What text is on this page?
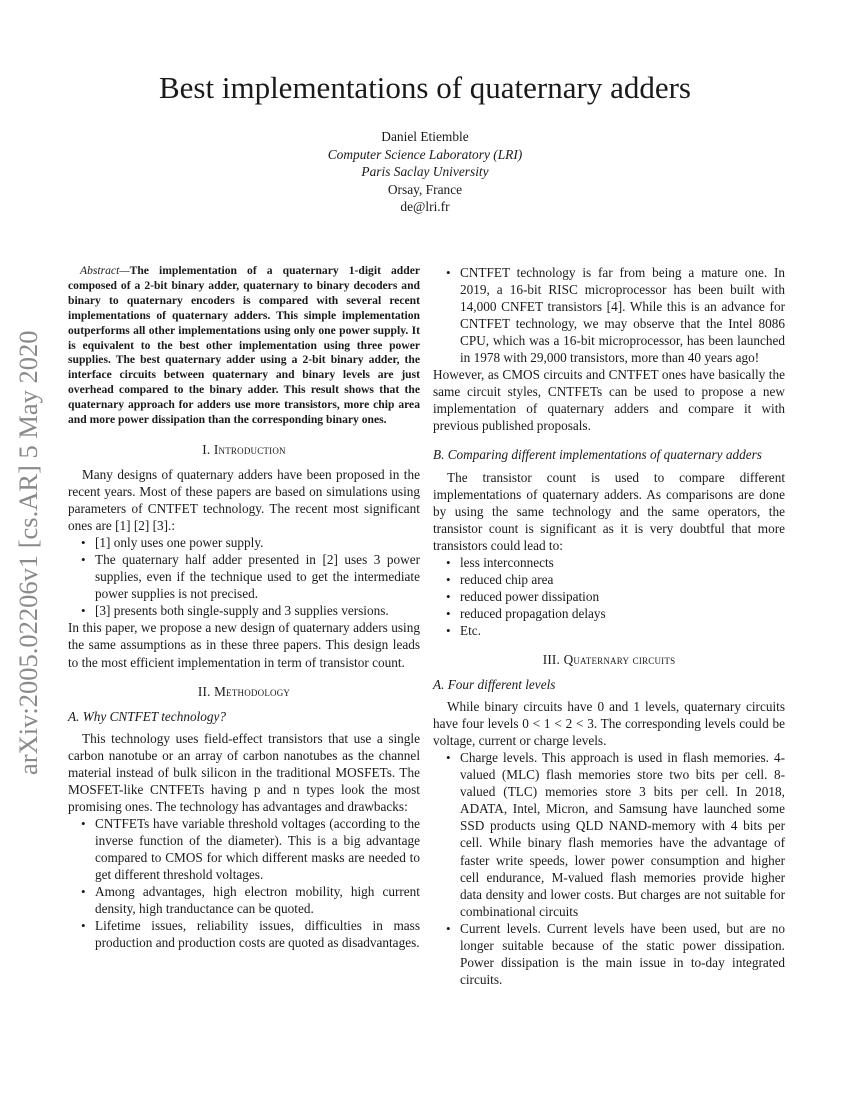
arXiv:2005.02206v1 [cs.AR] 5 May 2020
Best implementations of quaternary adders
Daniel Etiemble
Computer Science Laboratory (LRI)
Paris Saclay University
Orsay, France
de@lri.fr

Abstract—The implementation of a quaternary 1-digit adder composed of a 2-bit binary adder, quaternary to binary decoders and binary to quaternary encoders is compared with several recent implementations of quaternary adders. This simple implementation outperforms all other implementations using only one power supply. It is equivalent to the best other implementation using three power supplies. The best quaternary adder using a 2-bit binary adder, the interface circuits between quaternary and binary levels are just overhead compared to the binary adder. This result shows that the quaternary approach for adders use more transistors, more chip area and more power dissipation than the corresponding binary ones.

I. Introduction

Many designs of quaternary adders have been proposed in the recent years. Most of these papers are based on simulations using parameters of CNTFET technology. The recent most significant ones are [1] [2] [3].:

• [1] only uses one power supply.
• The quaternary half adder presented in [2] uses 3 power supplies, even if the technique used to get the intermediate power supplies is not precised.
• [3] presents both single-supply and 3 supplies versions.

In this paper, we propose a new design of quaternary adders using the same assumptions as in these three papers. This design leads to the most efficient implementation in term of transistor count.

II. Methodology
A. Why CNTFET technology?

This technology uses field-effect transistors that use a single carbon nanotube or an array of carbon nanotubes as the channel material instead of bulk silicon in the traditional MOSFETs. The MOSFET-like CNTFETs having p and n types look the most promising ones. The technology has advantages and drawbacks:

• CNTFETs have variable threshold voltages (according to the inverse function of the diameter). This is a big advantage compared to CMOS for which different masks are needed to get different threshold voltages.
• Among advantages, high electron mobility, high current density, high tranductance can be quoted.
• Lifetime issues, reliability issues, difficulties in mass production and production costs are quoted as disadvantages.
• CNTFET technology is far from being a mature one. In 2019, a 16-bit RISC microprocessor has been built with 14,000 CNFET transistors [4]. While this is an advance for CNTFET technology, we may observe that the Intel 8086 CPU, which was a 16-bit microprocessor, has been launched in 1978 with 29,000 transistors, more than 40 years ago!

However, as CMOS circuits and CNTFET ones have basically the same circuit styles, CNTFETs can be used to propose a new implementation of quaternary adders and compare it with previous published proposals.

B. Comparing different implementations of quaternary adders

The transistor count is used to compare different implementations of quaternary adders. As comparisons are done by using the same technology and the same operators, the transistor count is significant as it is very doubtful that more transistors could lead to:

• less interconnects
• reduced chip area
• reduced power dissipation
• reduced propagation delays
• Etc.
III. Quaternary circuits
A. Four different levels

While binary circuits have 0 and 1 levels, quaternary circuits have four levels 0 < 1 < 2 < 3. The corresponding levels could be voltage, current or charge levels.

• Charge levels. This approach is used in flash memories. 4-valued (MLC) flash memories store two bits per cell. 8-valued (TLC) memories store 3 bits per cell. In 2018, ADATA, Intel, Micron, and Samsung have launched some SSD products using QLD NAND-memory with 4 bits per cell. While binary flash memories have the advantage of faster write speeds, lower power consumption and higher cell endurance, M-valued flash memories provide higher data density and lower costs. But charges are not suitable for combinational circuits
• Current levels. Current levels have been used, but are no longer suitable because of the static power dissipation. Power dissipation is the main issue in to-day integrated circuits.
